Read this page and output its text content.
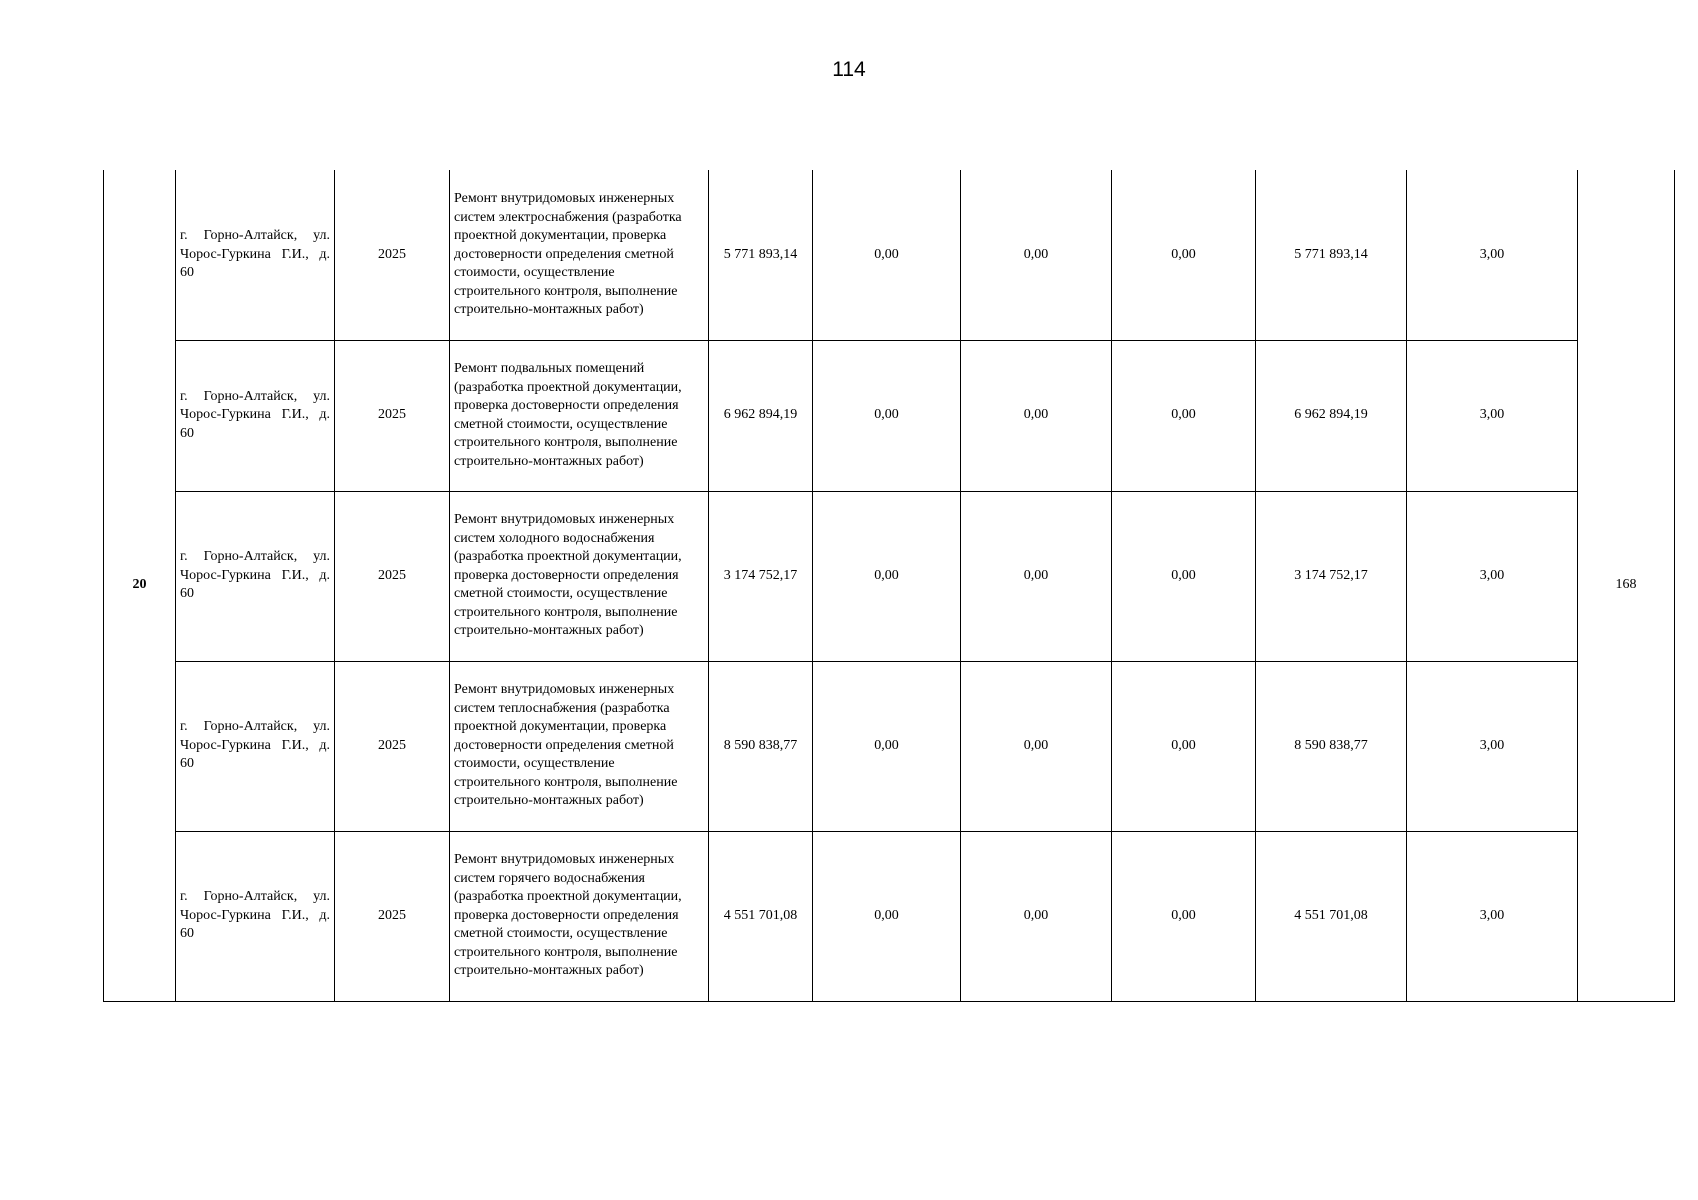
114
20	г. Горно-Алтайск, ул. Чорос-Гуркина Г.И., д. 60	2025	Ремонт внутридомовых инженерных систем электроснабжения (разработка проектной документации, проверка достоверности определения сметной стоимости, осуществление строительного контроля, выполнение строительно-монтажных работ)	5 771 893,14	0,00	0,00	0,00	5 771 893,14	3,00	168
	г. Горно-Алтайск, ул. Чорос-Гуркина Г.И., д. 60	2025	Ремонт подвальных помещений (разработка проектной документации, проверка достоверности определения сметной стоимости, осуществление строительного контроля, выполнение строительно-монтажных работ)	6 962 894,19	0,00	0,00	0,00	6 962 894,19	3,00	
	г. Горно-Алтайск, ул. Чорос-Гуркина Г.И., д. 60	2025	Ремонт внутридомовых инженерных систем холодного водоснабжения (разработка проектной документации, проверка достоверности определения сметной стоимости, осуществление строительного контроля, выполнение строительно-монтажных работ)	3 174 752,17	0,00	0,00	0,00	3 174 752,17	3,00	
	г. Горно-Алтайск, ул. Чорос-Гуркина Г.И., д. 60	2025	Ремонт внутридомовых инженерных систем теплоснабжения (разработка проектной документации, проверка достоверности определения сметной стоимости, осуществление строительного контроля, выполнение строительно-монтажных работ)	8 590 838,77	0,00	0,00	0,00	8 590 838,77	3,00	
	г. Горно-Алтайск, ул. Чорос-Гуркина Г.И., д. 60	2025	Ремонт внутридомовых инженерных систем горячего водоснабжения (разработка проектной документации, проверка достоверности определения сметной стоимости, осуществление строительного контроля, выполнение строительно-монтажных работ)	4 551 701,08	0,00	0,00	0,00	4 551 701,08	3,00	
